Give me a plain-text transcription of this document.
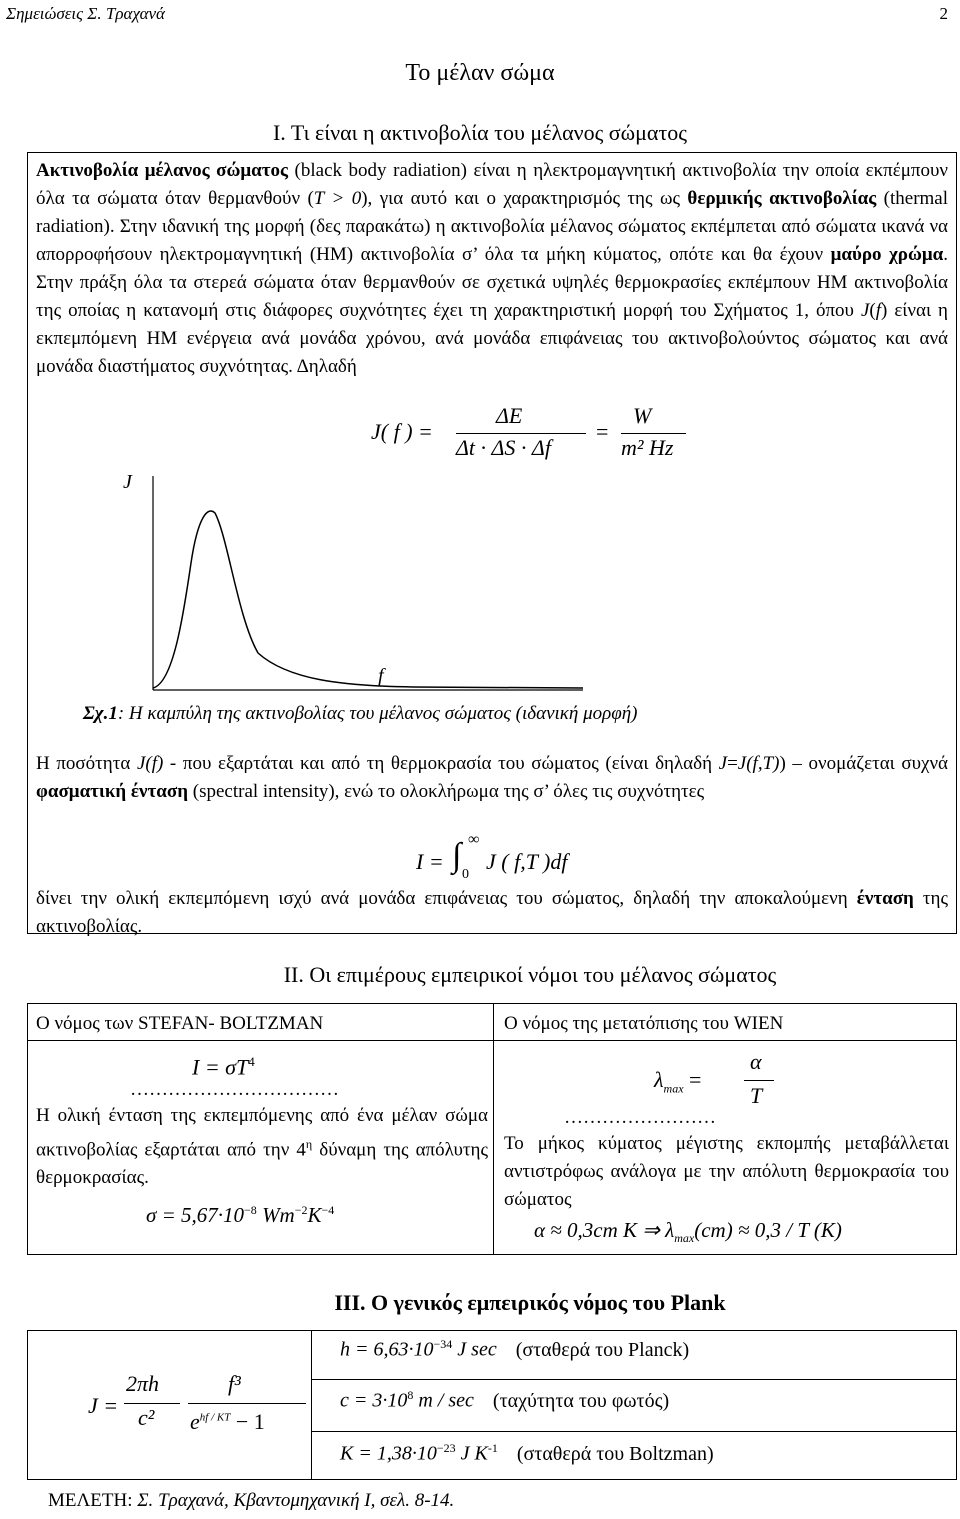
Σημειώσεις Σ. Τραχανά	2
Το μέλαν σώμα
Ι. Τι είναι η ακτινοβολία του μέλανος σώματος
Ακτινοβολία μέλανος σώματος (black body radiation) είναι η ηλεκτρομαγνητική ακτινοβολία την οποία εκπέμπουν όλα τα σώματα όταν θερμανθούν (T > 0), για αυτό και ο χαρακτηρισμός της ως θερμικής ακτινοβολίας (thermal radiation). Στην ιδανική της μορφή (δες παρακάτω) η ακτινοβολία μέλανος σώματος εκπέμπεται από σώματα ικανά να απορροφήσουν ηλεκτρομαγνητική (ΗΜ) ακτινοβολία σ’ όλα τα μήκη κύματος, οπότε και θα έχουν μαύρο χρώμα. Στην πράξη όλα τα στερεά σώματα όταν θερμανθούν σε σχετικά υψηλές θερμοκρασίες εκπέμπουν ΗΜ ακτινοβολία της οποίας η κατανομή στις διάφορες συχνότητες έχει τη χαρακτηριστική μορφή του Σχήματος 1, όπου J(f) είναι η εκπεμπόμενη ΗΜ ενέργεια ανά μονάδα χρόνου, ανά μονάδα επιφάνειας του ακτινοβολούντος σώματος και ανά μονάδα διαστήματος συχνότητας. Δηλαδή
J( f ) =
ΔE
Δt · ΔS · Δf
=
W
m² Hz
J
f
Σχ.1: Η καμπύλη της ακτινοβολίας του μέλανος σώματος (ιδανική μορφή)
Η ποσότητα J(f) - που εξαρτάται και από τη θερμοκρασία του σώματος (είναι δηλαδή J=J(f,T)) – ονομάζεται συχνά φασματική ένταση (spectral intensity), ενώ το ολοκλήρωμα της σ’ όλες τις συχνότητες
I = ∫ ∞
0
J ( f,T )df
δίνει την ολική εκπεμπόμενη ισχύ ανά μονάδα επιφάνειας του σώματος, δηλαδή την αποκαλούμενη ένταση της ακτινοβολίας.
ΙΙ. Οι επιμέρους εμπειρικοί νόμοι του μέλανος σώματος
Ο νόμος των STEFAN- BOLTZMAN
$I = \sigma T^4$
……………………………
Η ολική ένταση της εκπεμπόμενης από ένα μέλαν σώμα ακτινοβολίας εξαρτάται από την $4^\eta$ δύναμη της απόλυτης θερμοκρασίας.
$\sigma = 5,67\cdot 10^{-8}$ $Wm^{-2}K^{-4}$
Ο νόμος της μετατόπισης του WIEN
$\lambda_{max}$ =
α
T
……………………
Το μήκος κύματος μέγιστης εκπομπής μεταβάλλεται αντιστρόφως ανάλογα με την απόλυτη θερμοκρασία του σώματος
α ≈ 0,3cm K ⇒ $\lambda_{max}(cm) \approx 0,3 / T$ (K)
ΙΙΙ. Ο γενικός εμπειρικός νόμος του Plank
J =
2πh
c²
f³
$e^{hf / KT} - 1$
$h = 6,63\cdot 10^{-34}$ J sec (σταθερά του Planck)
$c = 3\cdot 10^8$ m / sec (ταχύτητα του φωτός)
$K = 1,38\cdot 10^{-23}$ J $K^{-1}$ (σταθερά του Boltzman)
ΜΕΛΕΤΗ: Σ. Τραχανά, Κβαντομηχανική Ι, σελ. 8-14.
